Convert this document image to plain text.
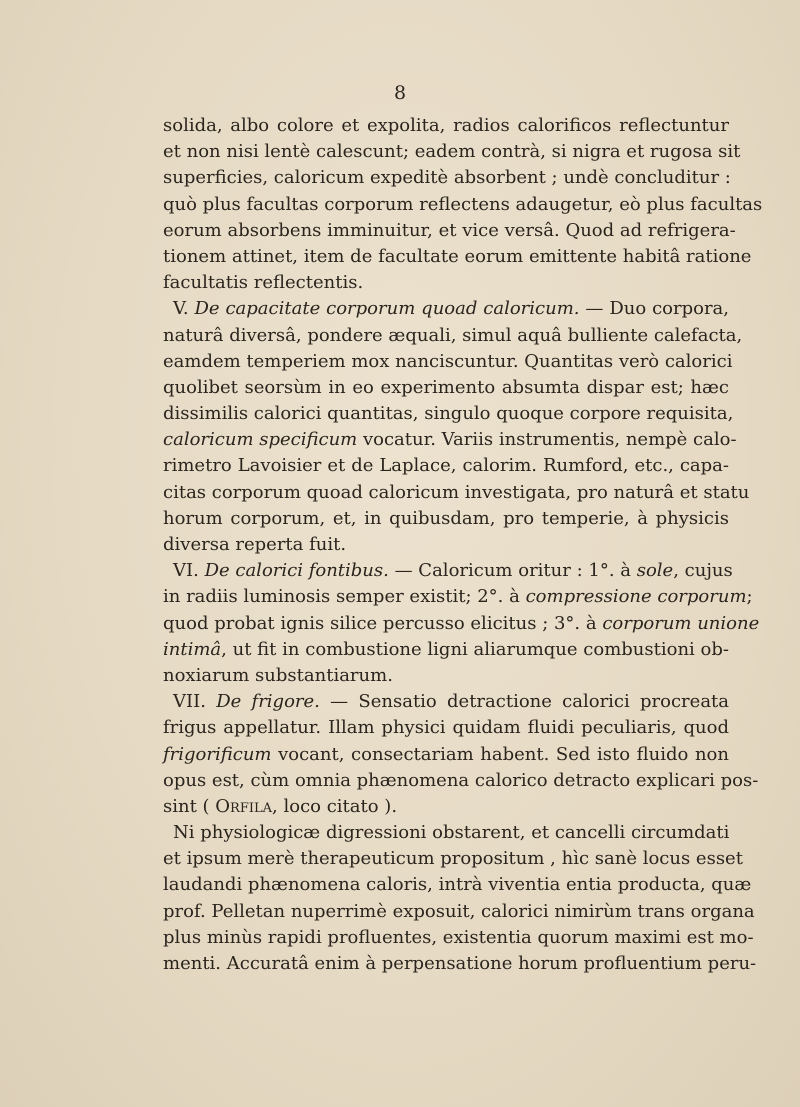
8
solida, albo colore et expolita, radios calorificos reflectuntur
et non nisi lentè calescunt; eadem contrà, si nigra et rugosa sit
superficies, caloricum expeditè absorbent ; undè concluditur :
quò plus facultas corporum reflectens adaugetur, eò plus facultas
eorum absorbens imminuitur, et vice versâ. Quod ad refrigera-
tionem attinet, item de facultate eorum emittente habitâ ratione
facultatis reflectentis.
V. De capacitate corporum quoad caloricum. — Duo corpora,
naturâ diversâ, pondere æquali, simul aquâ bulliente calefacta,
eamdem temperiem mox nanciscuntur. Quantitas verò calorici
quolibet seorsùm in eo experimento absumta dispar est; hæc
dissimilis calorici quantitas, singulo quoque corpore requisita,
caloricum specificum vocatur. Variis instrumentis, nempè calo-
rimetro Lavoisier et de Laplace, calorim. Rumford, etc., capa-
citas corporum quoad caloricum investigata, pro naturâ et statu
horum corporum, et, in quibusdam, pro temperie, à physicis
diversa reperta fuit.
VI. De calorici fontibus. — Caloricum oritur : 1°. à sole, cujus
in radiis luminosis semper existit; 2°. à compressione corporum;
quod probat ignis silice percusso elicitus ; 3°. à corporum unione
intimâ, ut fit in combustione ligni aliarumque combustioni ob-
noxiarum substantiarum.
VII. De frigore. — Sensatio detractione calorici procreata
frigus appellatur. Illam physici quidam fluidi peculiaris, quod
frigorificum vocant, consectariam habent. Sed isto fluido non
opus est, cùm omnia phænomena calorico detracto explicari pos-
sint ( Orfila, loco citato ).
Ni physiologicæ digressioni obstarent, et cancelli circumdati
et ipsum merè therapeuticum propositum , hìc sanè locus esset
laudandi phænomena caloris, intrà viventia entia producta, quæ
prof. Pelletan nuperrimè exposuit, calorici nimirùm trans organa
plus minùs rapidi profluentes, existentia quorum maximi est mo-
menti. Accuratâ enim à perpensatione horum profluentium peru-
